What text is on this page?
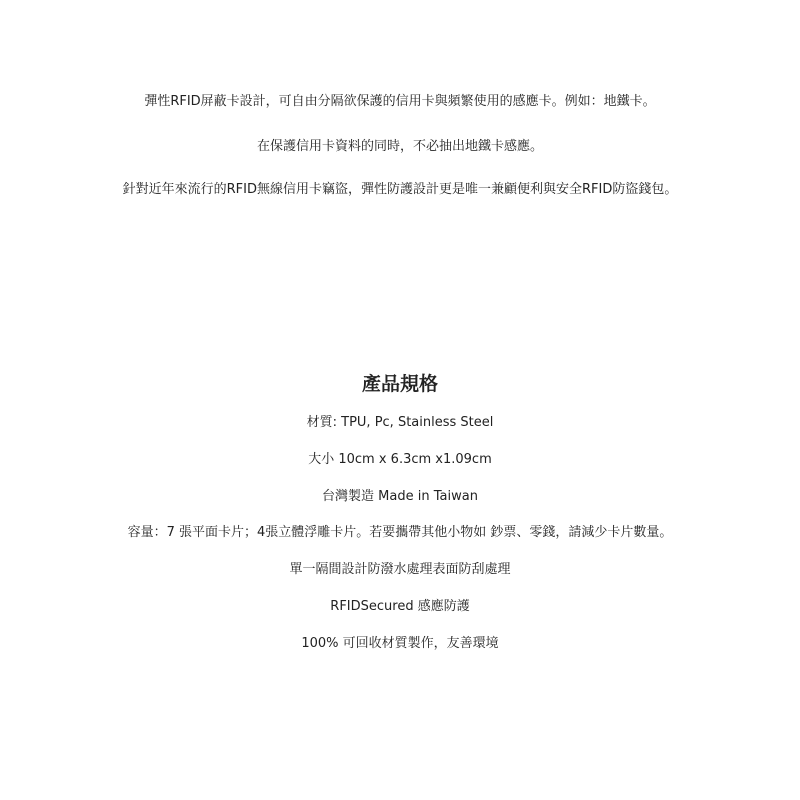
彈性RFID屏蔽卡設計，可自由分隔欲保護的信用卡與頻繁使用的感應卡。例如：地鐵卡。
在保護信用卡資料的同時，不必抽出地鐵卡感應。
針對近年來流行的RFID無線信用卡竊盜，彈性防護設計更是唯一兼顧便利與安全RFID防盜錢包。
產品規格
材質: TPU, Pc, Stainless Steel
大小 10cm x 6.3cm x1.09cm
台灣製造 Made in Taiwan
容量：7 張平面卡片；4張立體浮雕卡片。若要攜帶其他小物如 鈔票、零錢，請減少卡片數量。
單一隔間設計防潑水處理表面防刮處理
RFIDSecured 感應防護
100% 可回收材質製作，友善環境
